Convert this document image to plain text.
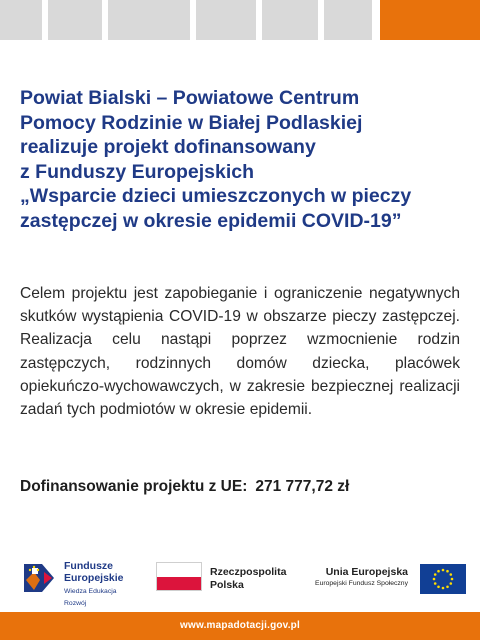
Powiat Bialski – Powiatowe Centrum
Pomocy Rodzinie w Białej Podlaskiej
realizuje projekt dofinansowany
z Funduszy Europejskich
„Wsparcie dzieci umieszczonych w pieczy
zastępczej w okresie epidemii COVID-19”

Celem projektu jest zapobieganie i ograniczenie negatywnych skutków wystąpienia COVID-19 w obszarze pieczy zastępczej. Realizacja celu nastąpi poprzez wzmocnienie rodzin zastępczych, rodzinnych domów dziecka, placówek opiekuńczo-wychowawczych, w zakresie bezpiecznej realizacji zadań tych podmiotów w okresie epidemii.

Dofinansowanie projektu z UE: 271 777,72 zł

Fundusze
Europejskie
Wiedza Edukacja Rozwój
Rzeczpospolita
Polska
Unia Europejska
Europejski Fundusz Społeczny
www.mapadotacji.gov.pl
